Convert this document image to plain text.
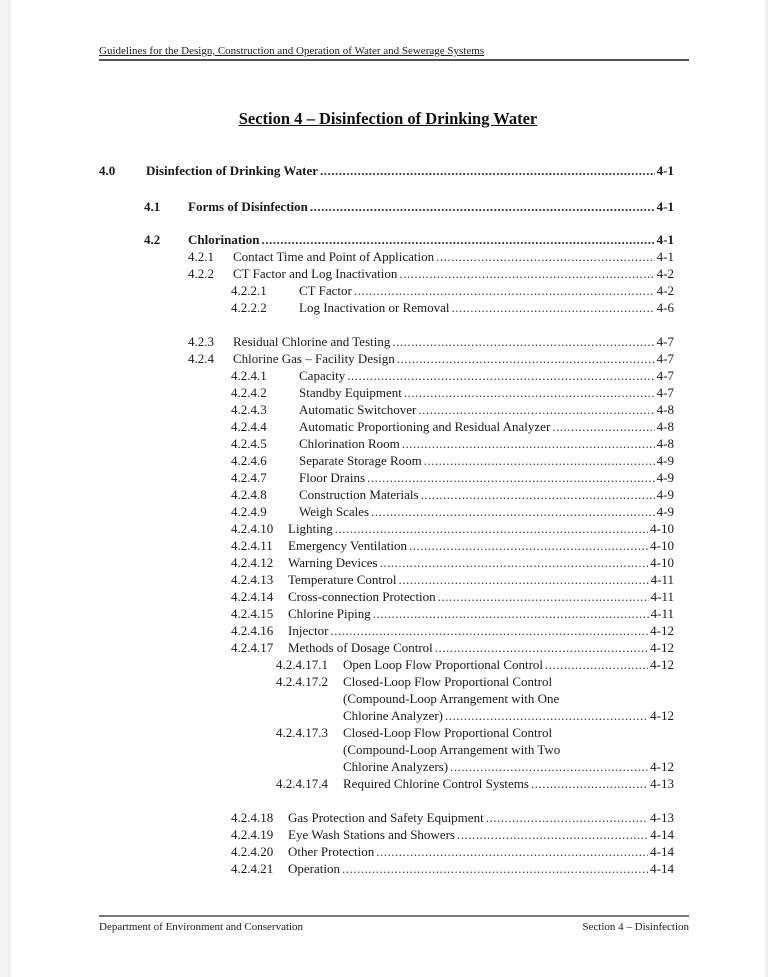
Guidelines for the Design, Construction and Operation of Water and Sewerage Systems
Section 4 – Disinfection of Drinking Water
4.0	Disinfection of Drinking Water .....	4-1
4.1	Forms of Disinfection .....	4-1
4.2	Chlorination .....	4-1
4.2.1	Contact Time and Point of Application .....	4-1
4.2.2	CT Factor and Log Inactivation .....	4-2
4.2.2.1	CT Factor .....	4-2
4.2.2.2	Log Inactivation or Removal .....	4-6
4.2.3	Residual Chlorine and Testing .....	4-7
4.2.4	Chlorine Gas – Facility Design .....	4-7
4.2.4.1	Capacity .....	4-7
4.2.4.2	Standby Equipment .....	4-7
4.2.4.3	Automatic Switchover .....	4-8
4.2.4.4	Automatic Proportioning and Residual Analyzer .....	4-8
4.2.4.5	Chlorination Room .....	4-8
4.2.4.6	Separate Storage Room .....	4-9
4.2.4.7	Floor Drains .....	4-9
4.2.4.8	Construction Materials .....	4-9
4.2.4.9	Weigh Scales .....	4-9
4.2.4.10	Lighting .....	4-10
4.2.4.11	Emergency Ventilation .....	4-10
4.2.4.12	Warning Devices .....	4-10
4.2.4.13	Temperature Control .....	4-11
4.2.4.14	Cross-connection Protection .....	4-11
4.2.4.15	Chlorine Piping .....	4-11
4.2.4.16	Injector .....	4-12
4.2.4.17	Methods of Dosage Control .....	4-12
4.2.4.17.1	Open Loop Flow Proportional Control .....	4-12
4.2.4.17.2	Closed-Loop Flow Proportional Control
(Compound-Loop Arrangement with One
Chlorine Analyzer) .....	4-12
4.2.4.17.3	Closed-Loop Flow Proportional Control
(Compound-Loop Arrangement with Two
Chlorine Analyzers) .....	4-12
4.2.4.17.4	Required Chlorine Control Systems .....	4-13
4.2.4.18	Gas Protection and Safety Equipment .....	4-13
4.2.4.19	Eye Wash Stations and Showers .....	4-14
4.2.4.20	Other Protection .....	4-14
4.2.4.21	Operation .....	4-14
Department of Environment and Conservation	Section 4 – Disinfection
